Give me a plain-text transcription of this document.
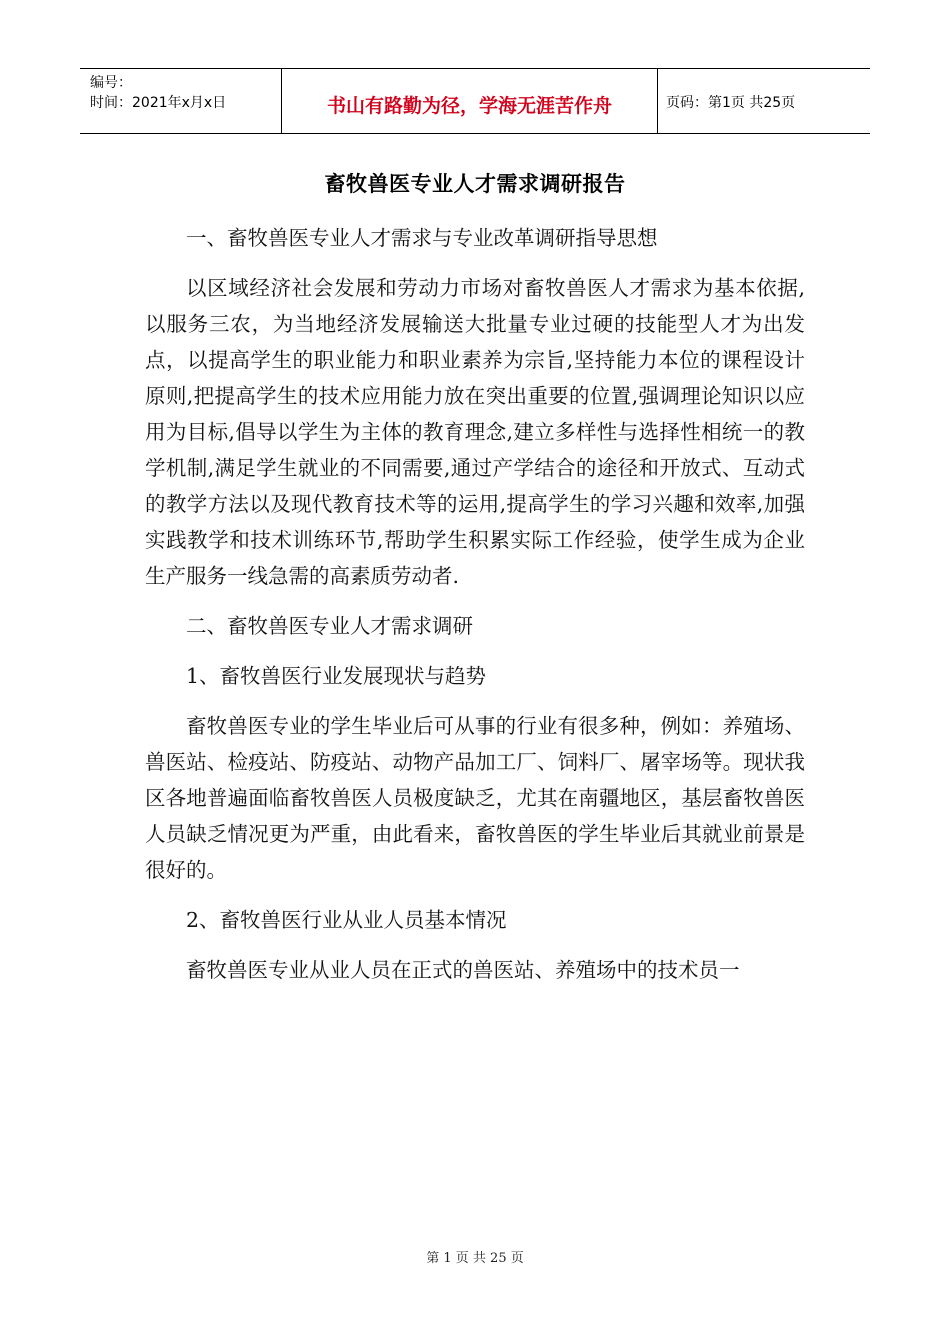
编号：
时间：2021年x月x日	书山有路勤为径，学海无涯苦作舟	页码：第1页 共25页
畜牧兽医专业人才需求调研报告

一、畜牧兽医专业人才需求与专业改革调研指导思想

以区域经济社会发展和劳动力市场对畜牧兽医人才需求为基本依据,以服务三农，为当地经济发展输送大批量专业过硬的技能型人才为出发点，以提高学生的职业能力和职业素养为宗旨,坚持能力本位的课程设计原则,把提高学生的技术应用能力放在突出重要的位置,强调理论知识以应用为目标,倡导以学生为主体的教育理念,建立多样性与选择性相统一的教学机制,满足学生就业的不同需要,通过产学结合的途径和开放式、互动式的教学方法以及现代教育技术等的运用,提高学生的学习兴趣和效率,加强实践教学和技术训练环节,帮助学生积累实际工作经验，使学生成为企业生产服务一线急需的高素质劳动者.

二、畜牧兽医专业人才需求调研

1、畜牧兽医行业发展现状与趋势

畜牧兽医专业的学生毕业后可从事的行业有很多种，例如：养殖场、兽医站、检疫站、防疫站、动物产品加工厂、饲料厂、屠宰场等。现状我区各地普遍面临畜牧兽医人员极度缺乏，尤其在南疆地区，基层畜牧兽医人员缺乏情况更为严重，由此看来，畜牧兽医的学生毕业后其就业前景是很好的。

2、畜牧兽医行业从业人员基本情况

畜牧兽医专业从业人员在正式的兽医站、养殖场中的技术员一

第 1 页 共 25 页
